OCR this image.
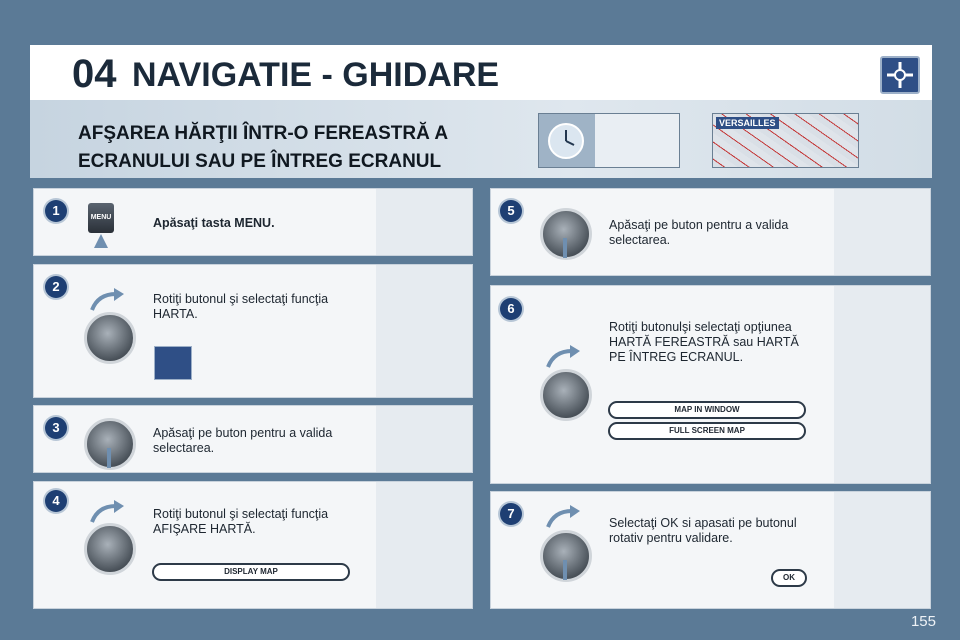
04 NAVIGATIE - GHIDARE
AFŞAREA HĂRŢII ÎNTR-O FEREASTRĂ A ECRANULUI SAU PE ÎNTREG ECRANUL
VERSAILLES
1
2
3
4
5
6
7
MENU	Apăsaţi tasta MENU.
Rotiţi butonul şi selectaţi funcţia HARTA.
Apăsaţi pe buton pentru a valida selectarea.
Rotiţi butonul şi selectaţi funcţia AFIŞARE HARTĂ.
DISPLAY MAP
Apăsaţi pe buton pentru a valida selectarea.
Rotiţi butonulşi selectaţi opţiunea HARTĂ FEREASTRĂ sau HARTĂ PE ÎNTREG ECRANUL.
MAP IN WINDOW
FULL SCREEN MAP
Selectaţi OK si apasati pe butonul rotativ pentru validare.
OK
155
